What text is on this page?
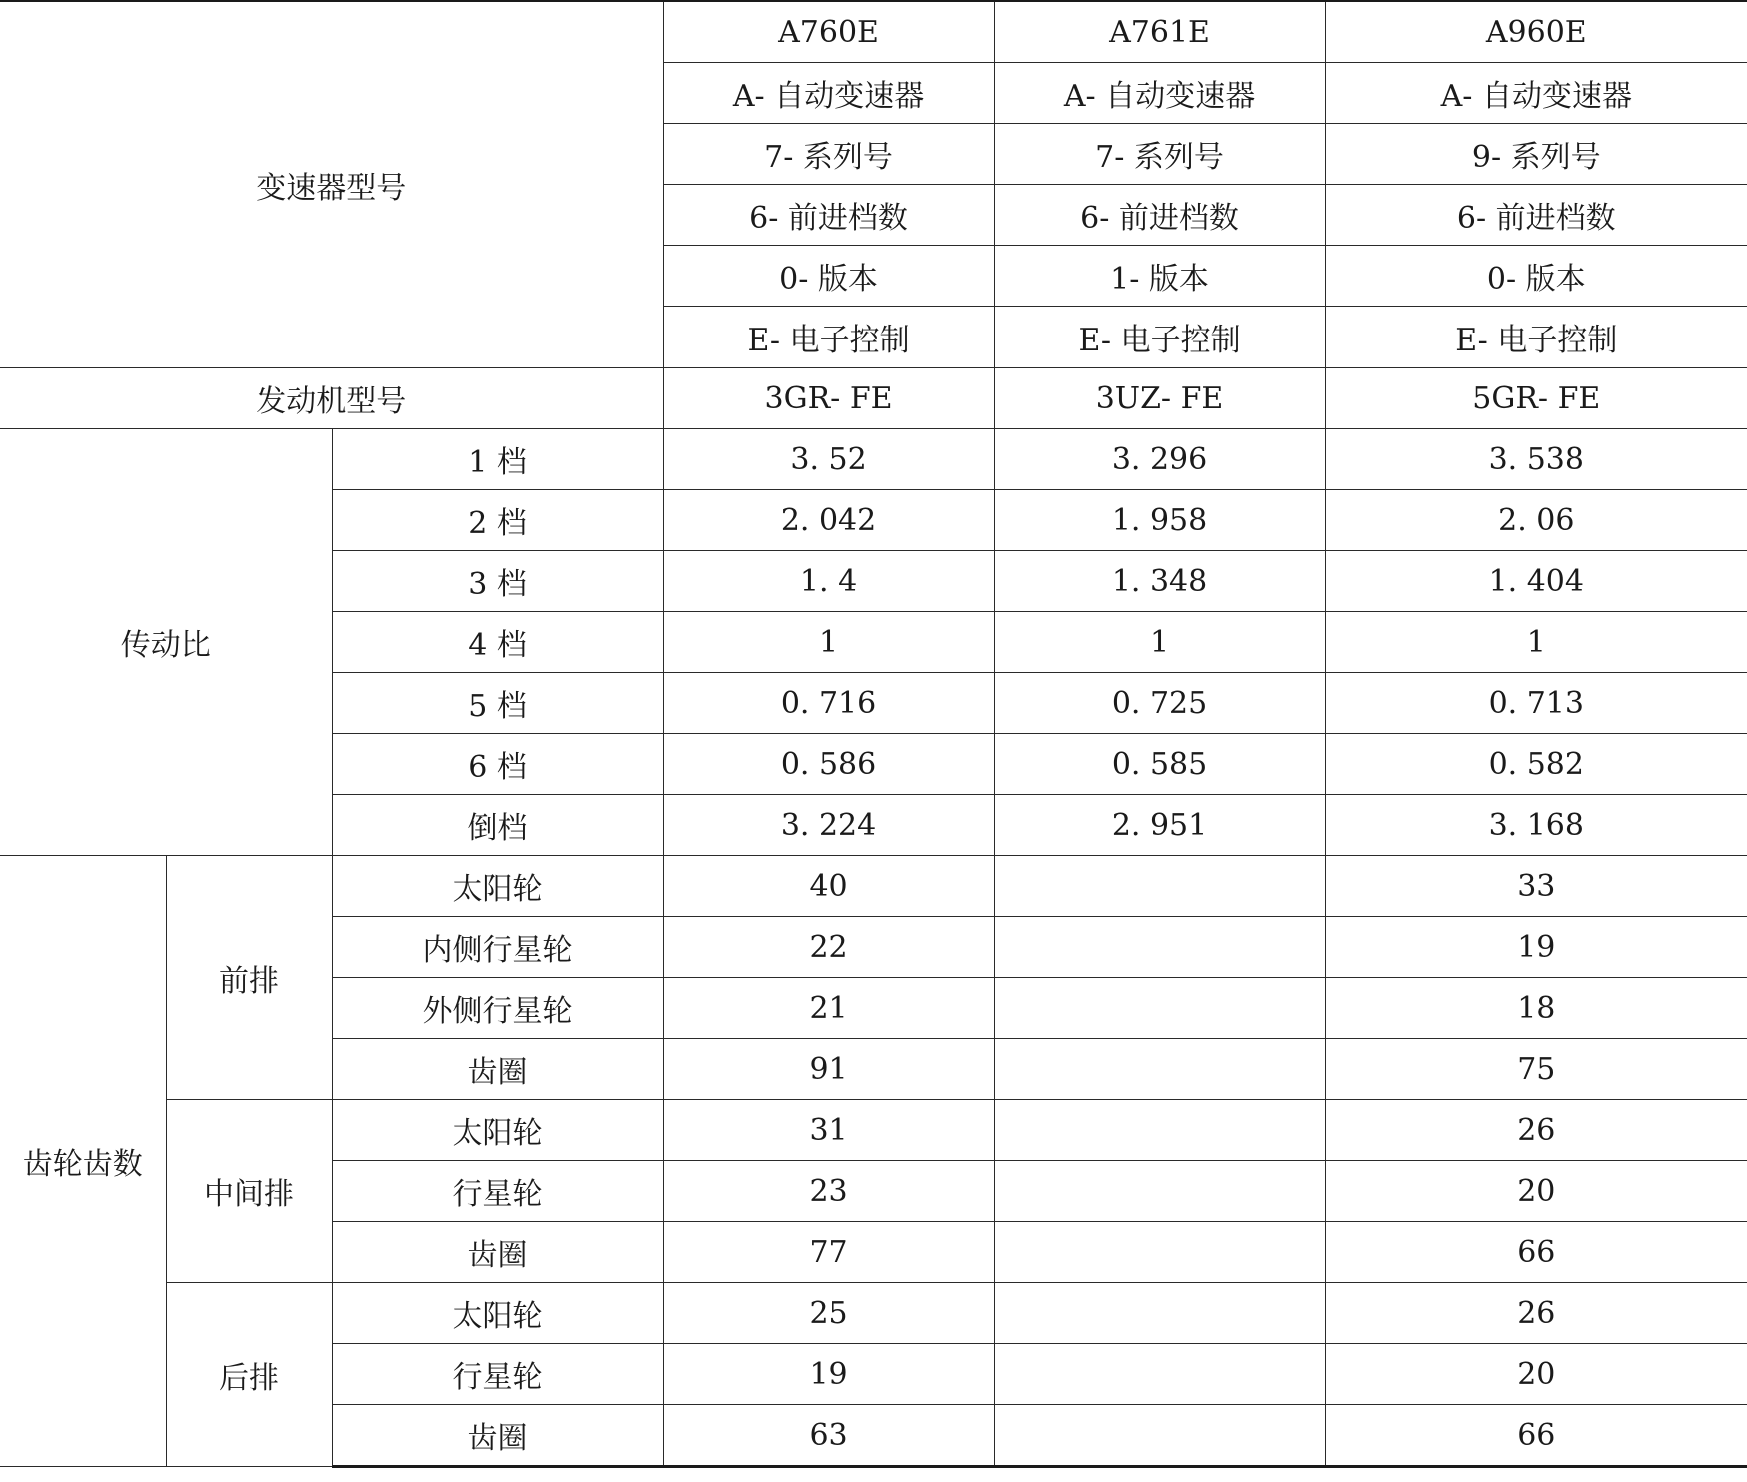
变速器型号			A760E	A761E	A960E
			A- 自动变速器	A- 自动变速器	A- 自动变速器
			7- 系列号	7- 系列号	9- 系列号
			6- 前进档数	6- 前进档数	6- 前进档数
			0- 版本	1- 版本	0- 版本
			E- 电子控制	E- 电子控制	E- 电子控制
发动机型号			3GR- FE	3UZ- FE	5GR- FE
传动比		1 档	3. 52	3. 296	3. 538
		2 档	2. 042	1. 958	2. 06
		3 档	1. 4	1. 348	1. 404
		4 档	1	1	1
		5 档	0. 716	0. 725	0. 713
		6 档	0. 586	0. 585	0. 582
		倒档	3. 224	2. 951	3. 168
齿轮齿数	前排	太阳轮	40		33
		内侧行星轮	22		19
		外侧行星轮	21		18
		齿圈	91		75
	中间排	太阳轮	31		26
		行星轮	23		20
		齿圈	77		66
	后排	太阳轮	25		26
		行星轮	19		20
		齿圈	63		66
